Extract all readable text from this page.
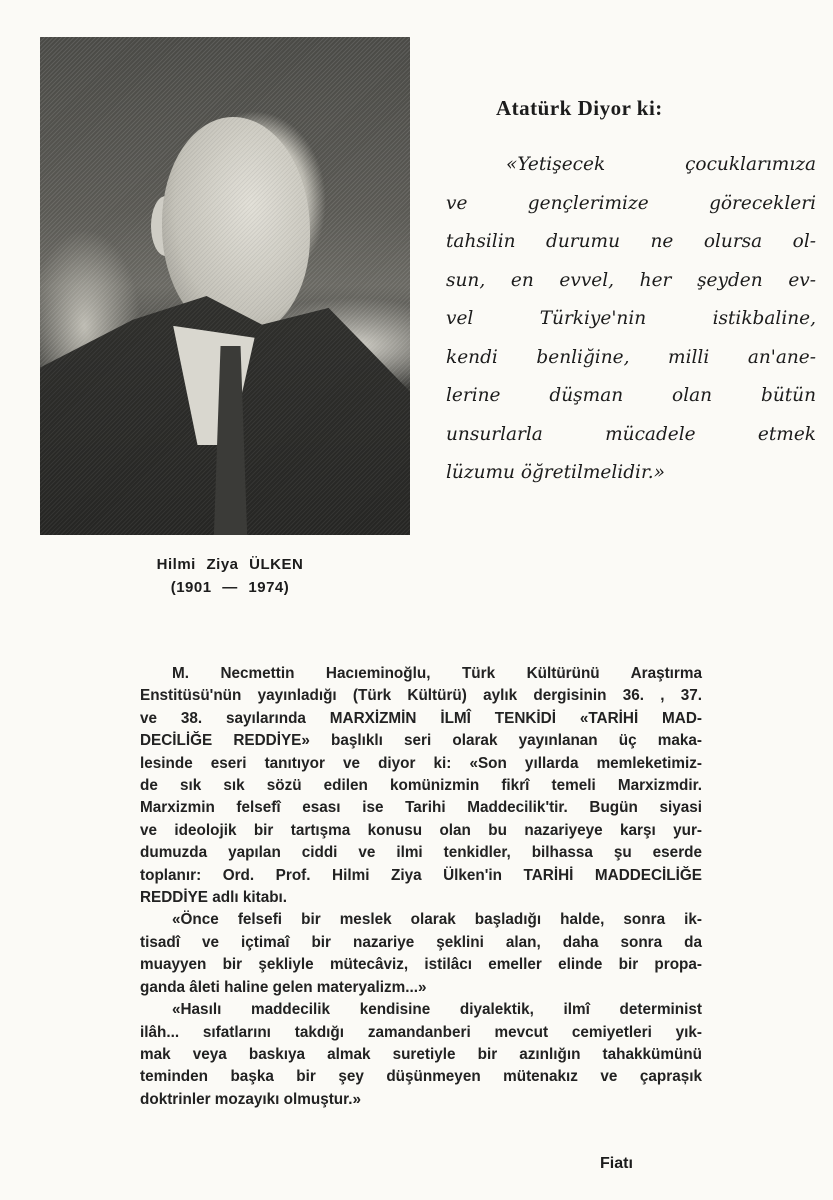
Hilmi Ziya ÜLKEN
(1901 — 1974)
Atatürk Diyor ki:
«Yetişecek çocuklarımıza
ve gençlerimize görecekleri
tahsilin durumu ne olursa ol-
sun, en evvel, her şeyden ev-
vel Türkiye'nin istikbaline,
kendi benliğine, milli an'ane-
lerine düşman olan bütün
unsurlarla mücadele etmek
lüzumu öğretilmelidir.»
M. Necmettin Hacıeminoğlu, Türk Kültürünü Araştırma
Enstitüsü'nün yayınladığı (Türk Kültürü) aylık dergisinin 36. , 37.
ve 38. sayılarında MARXİZMİN İLMÎ TENKİDİ «TARİHİ MAD-
DECİLİĞE REDDİYE» başlıklı seri olarak yayınlanan üç maka-
lesinde eseri tanıtıyor ve diyor ki: «Son yıllarda memleketimiz-
de sık sık sözü edilen komünizmin fikrî temeli Marxizmdir.
Marxizmin felsefî esası ise Tarihi Maddecilik'tir. Bugün siyasi
ve ideolojik bir tartışma konusu olan bu nazariyeye karşı yur-
dumuzda yapılan ciddi ve ilmi tenkidler, bilhassa şu eserde
toplanır: Ord. Prof. Hilmi Ziya Ülken'in TARİHİ MADDECİLİĞE
REDDİYE adlı kitabı.
«Önce felsefi bir meslek olarak başladığı halde, sonra ik-
tisadî ve içtimaî bir nazariye şeklini alan, daha sonra da
muayyen bir şekliyle mütecâviz, istilâcı emeller elinde bir propa-
ganda âleti haline gelen materyalizm...»
«Hasılı maddecilik kendisine diyalektik, ilmî determinist
ilâh... sıfatlarını takdığı zamandanberi mevcut cemiyetleri yık-
mak veya baskıya almak suretiyle bir azınlığın tahakkümünü
teminden başka bir şey düşünmeyen mütenakız ve çaprașık
doktrinler mozayıkı olmuştur.»
Fiatı
